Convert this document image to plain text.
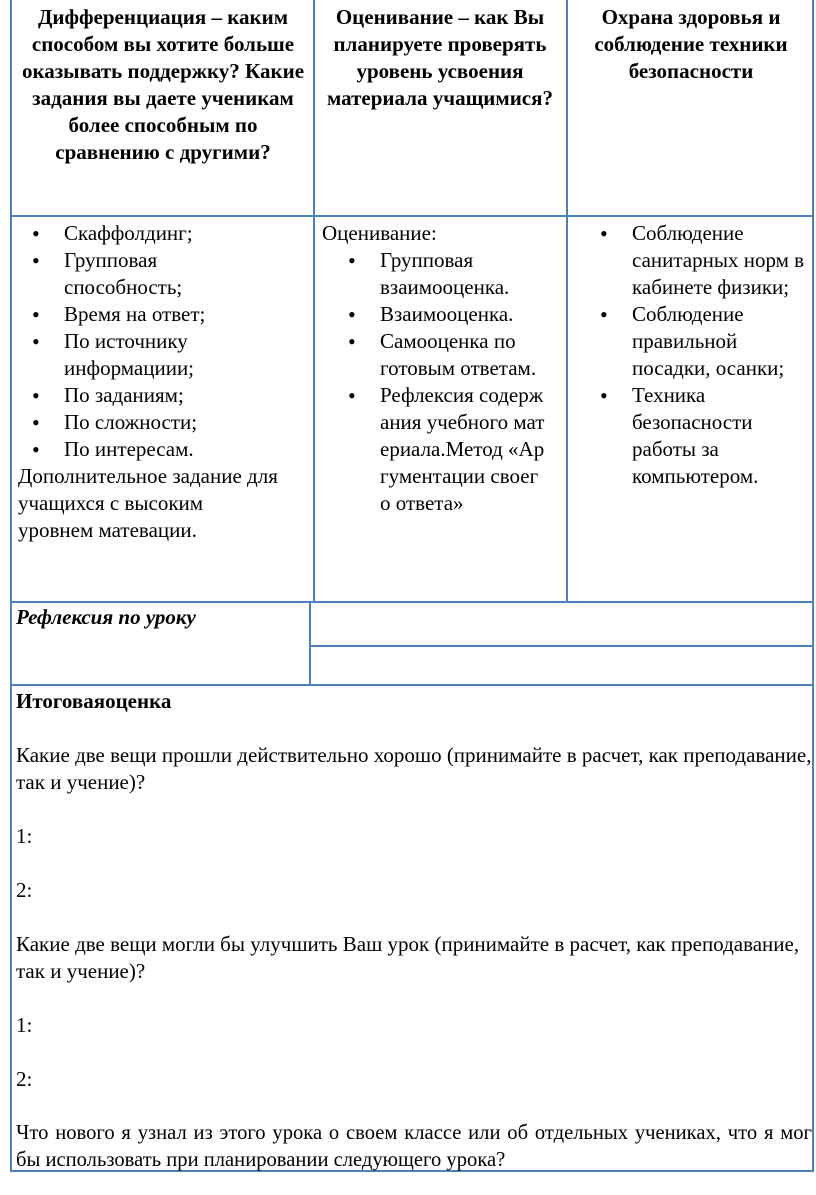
Дифференциация – каким способом вы хотите больше оказывать поддержку? Какие задания вы даете ученикам более способным по сравнению с другими?
Оценивание – как Вы планируете проверять уровень усвоения материала учащимися?
Охрана здоровья и соблюдение техники безопасности
• Скаффолдинг;
• Групповая способность;
• Время на ответ;
• По источнику информациии;
• По заданиям;
• По сложности;
• По интересам.
Дополнительное задание для учащихся с высоким уровнем матевации.
Оценивание:
• Групповая взаимооценка.
• Взаимооценка.
• Самооценка по готовым ответам.
• Рефлексия содержания учебного материала.Метод «Аргументации своего ответа»
• Соблюдение санитарных норм в кабинете физики;
• Соблюдение правильной посадки, осанки;
• Техника безопасности работы за компьютером.
Рефлексия по уроку

Итоговаяоценка

Какие две вещи прошли действительно хорошо (принимайте в расчет, как преподавание, так и учение)?

1:

2:

Какие две вещи могли бы улучшить Ваш урок (принимайте в расчет, как преподавание, так и учение)?

1:

2:

Что нового я узнал из этого урока о своем классе или об отдельных учениках, что я мог бы использовать при планировании следующего урока?
